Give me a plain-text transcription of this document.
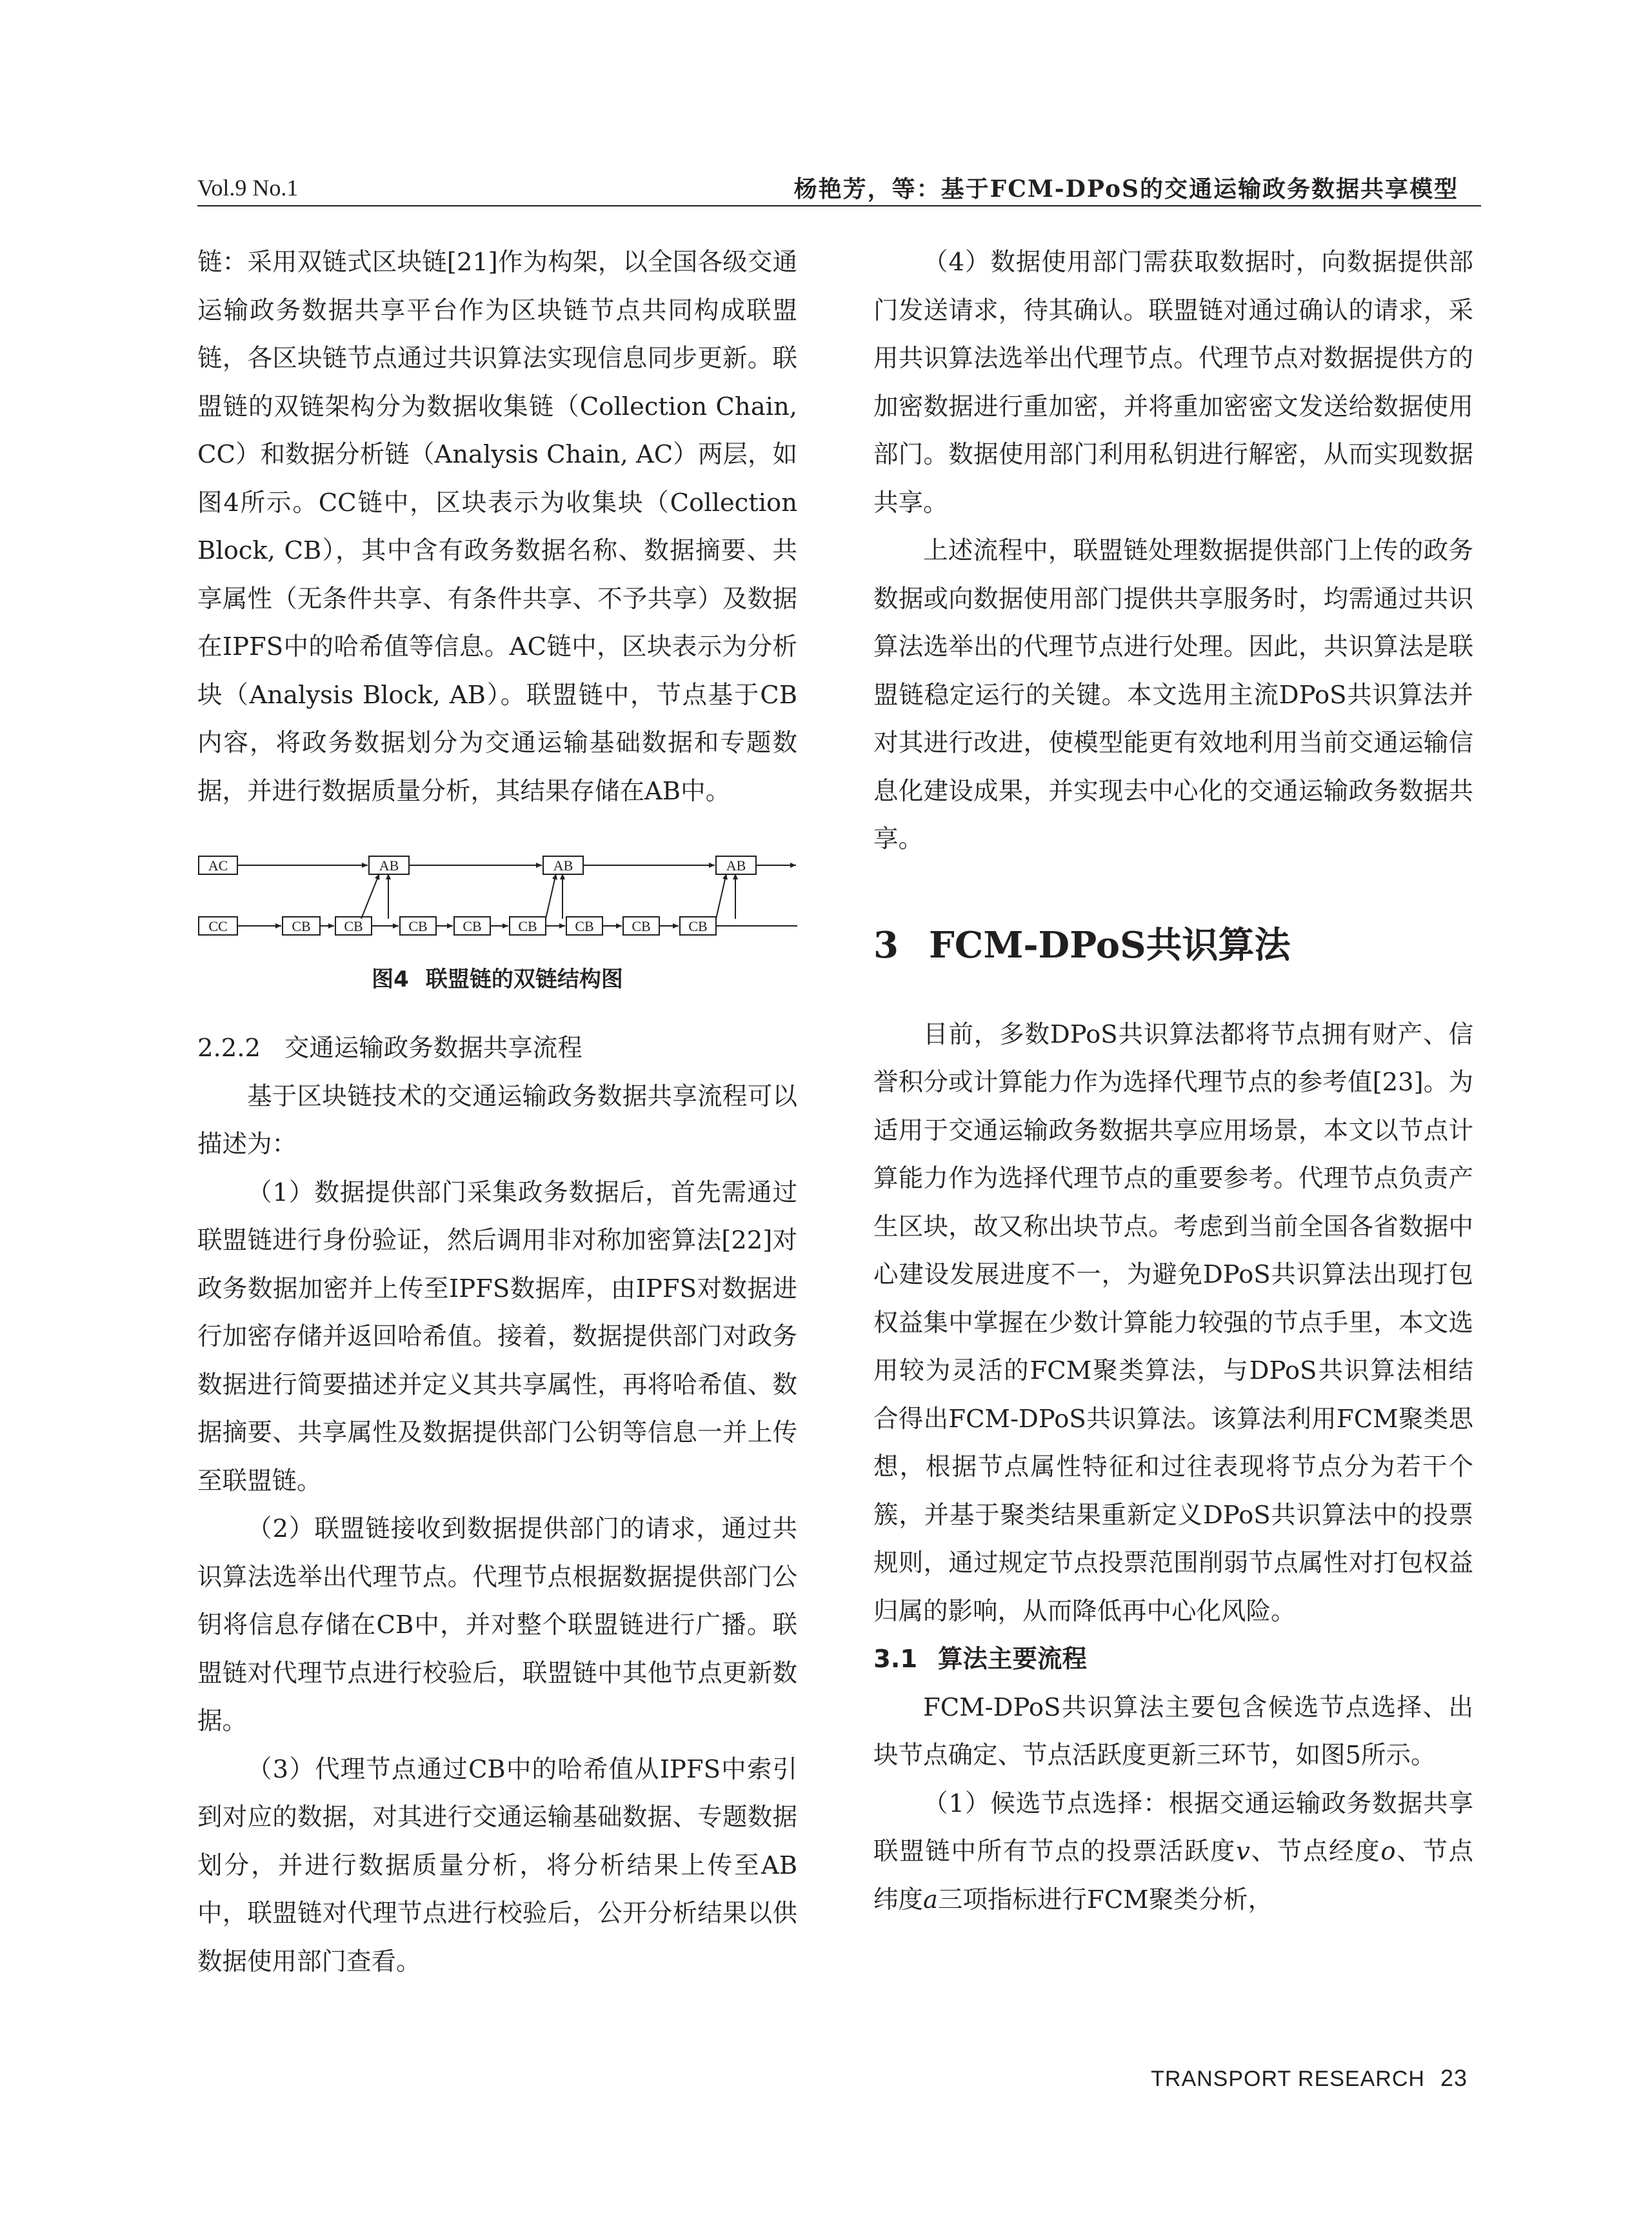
Vol.9 No.1	杨艳芳，等：基于FCM-DPoS的交通运输政务数据共享模型

链：采用双链式区块链[21]作为构架，以全国各级交通运输政务数据共享平台作为区块链节点共同构成联盟链，各区块链节点通过共识算法实现信息同步更新。联盟链的双链架构分为数据收集链（Collection Chain, CC）和数据分析链（Analysis Chain, AC）两层，如图4所示。CC链中，区块表示为收集块（Collection Block, CB），其中含有政务数据名称、数据摘要、共享属性（无条件共享、有条件共享、不予共享）及数据在IPFS中的哈希值等信息。AC链中，区块表示为分析块（Analysis Block, AB）。联盟链中，节点基于CB内容，将政务数据划分为交通运输基础数据和专题数据，并进行数据质量分析，其结果存储在AB中。

AC
CC
AB	AB	AB
CB CB	CB CB	CB	CB	CB	CB
图4 联盟链的双链结构图

2.2.2 交通运输政务数据共享流程

基于区块链技术的交通运输政务数据共享流程可以描述为：

（1）数据提供部门采集政务数据后，首先需通过联盟链进行身份验证，然后调用非对称加密算法[22]对政务数据加密并上传至IPFS数据库，由IPFS对数据进行加密存储并返回哈希值。接着，数据提供部门对政务数据进行简要描述并定义其共享属性，再将哈希值、数据摘要、共享属性及数据提供部门公钥等信息一并上传至联盟链。

（2）联盟链接收到数据提供部门的请求，通过共识算法选举出代理节点。代理节点根据数据提供部门公钥将信息存储在CB中，并对整个联盟链进行广播。联盟链对代理节点进行校验后，联盟链中其他节点更新数据。

（3）代理节点通过CB中的哈希值从IPFS中索引到对应的数据，对其进行交通运输基础数据、专题数据划分，并进行数据质量分析，将分析结果上传至AB中，联盟链对代理节点进行校验后，公开分析结果以供数据使用部门查看。

（4）数据使用部门需获取数据时，向数据提供部门发送请求，待其确认。联盟链对通过确认的请求，采用共识算法选举出代理节点。代理节点对数据提供方的加密数据进行重加密，并将重加密密文发送给数据使用部门。数据使用部门利用私钥进行解密，从而实现数据共享。

上述流程中，联盟链处理数据提供部门上传的政务数据或向数据使用部门提供共享服务时，均需通过共识算法选举出的代理节点进行处理。因此，共识算法是联盟链稳定运行的关键。本文选用主流DPoS共识算法并对其进行改进，使模型能更有效地利用当前交通运输信息化建设成果，并实现去中心化的交通运输政务数据共享。

3 FCM-DPoS共识算法

目前，多数DPoS共识算法都将节点拥有财产、信誉积分或计算能力作为选择代理节点的参考值[23]。为适用于交通运输政务数据共享应用场景，本文以节点计算能力作为选择代理节点的重要参考。代理节点负责产生区块，故又称出块节点。考虑到当前全国各省数据中心建设发展进度不一，为避免DPoS共识算法出现打包权益集中掌握在少数计算能力较强的节点手里，本文选用较为灵活的FCM聚类算法，与DPoS共识算法相结合得出FCM-DPoS共识算法。该算法利用FCM聚类思想，根据节点属性特征和过往表现将节点分为若干个簇，并基于聚类结果重新定义DPoS共识算法中的投票规则，通过规定节点投票范围削弱节点属性对打包权益归属的影响，从而降低再中心化风险。

3.1 算法主要流程

FCM-DPoS共识算法主要包含候选节点选择、出块节点确定、节点活跃度更新三环节，如图5所示。

（1）候选节点选择：根据交通运输政务数据共享联盟链中所有节点的投票活跃度v、节点经度o、节点纬度a三项指标进行FCM聚类分析，

TRANSPORT RESEARCH 23
